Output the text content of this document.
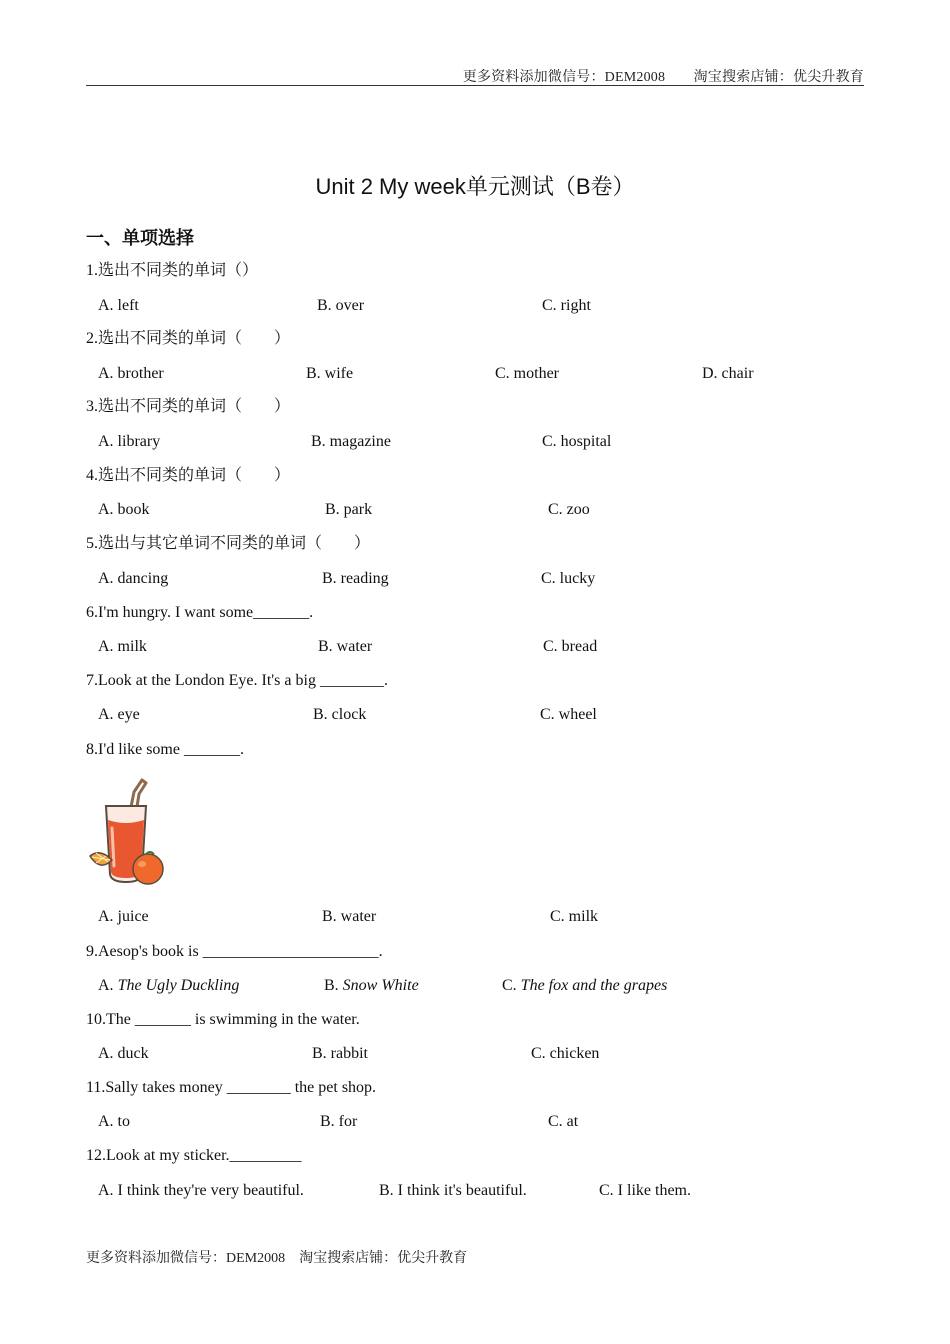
更多资料添加微信号：DEM2008　　淘宝搜索店铺：优尖升教育
Unit 2 My week单元测试（B卷）
一、单项选择
1.选出不同类的单词（）
A. left	B. over	C. right
2.选出不同类的单词（　　）
A. brother	B. wife	C. mother	D. chair
3.选出不同类的单词（　　）
A. library	B. magazine	C. hospital
4.选出不同类的单词（　　）
A. book	B. park	C. zoo
5.选出与其它单词不同类的单词（　　）
A. dancing	B. reading	C. lucky
6.I'm hungry. I want some_______.
A. milk	B. water	C. bread
7.Look at the London Eye. It's a big ________.
A. eye	B. clock	C. wheel
8.I'd like some _______.
A. juice	B. water	C. milk
9.Aesop's book is ______________________.
A. The Ugly Duckling	B. Snow White	C. The fox and the grapes
10.The _______ is swimming in the water.
A. duck	B. rabbit	C. chicken
11.Sally takes money ________ the pet shop.
A. to	B. for	C. at
12.Look at my sticker._________
A. I think they're very beautiful.	B. I think it's beautiful.	C. I like them.
更多资料添加微信号：DEM2008　淘宝搜索店铺：优尖升教育
